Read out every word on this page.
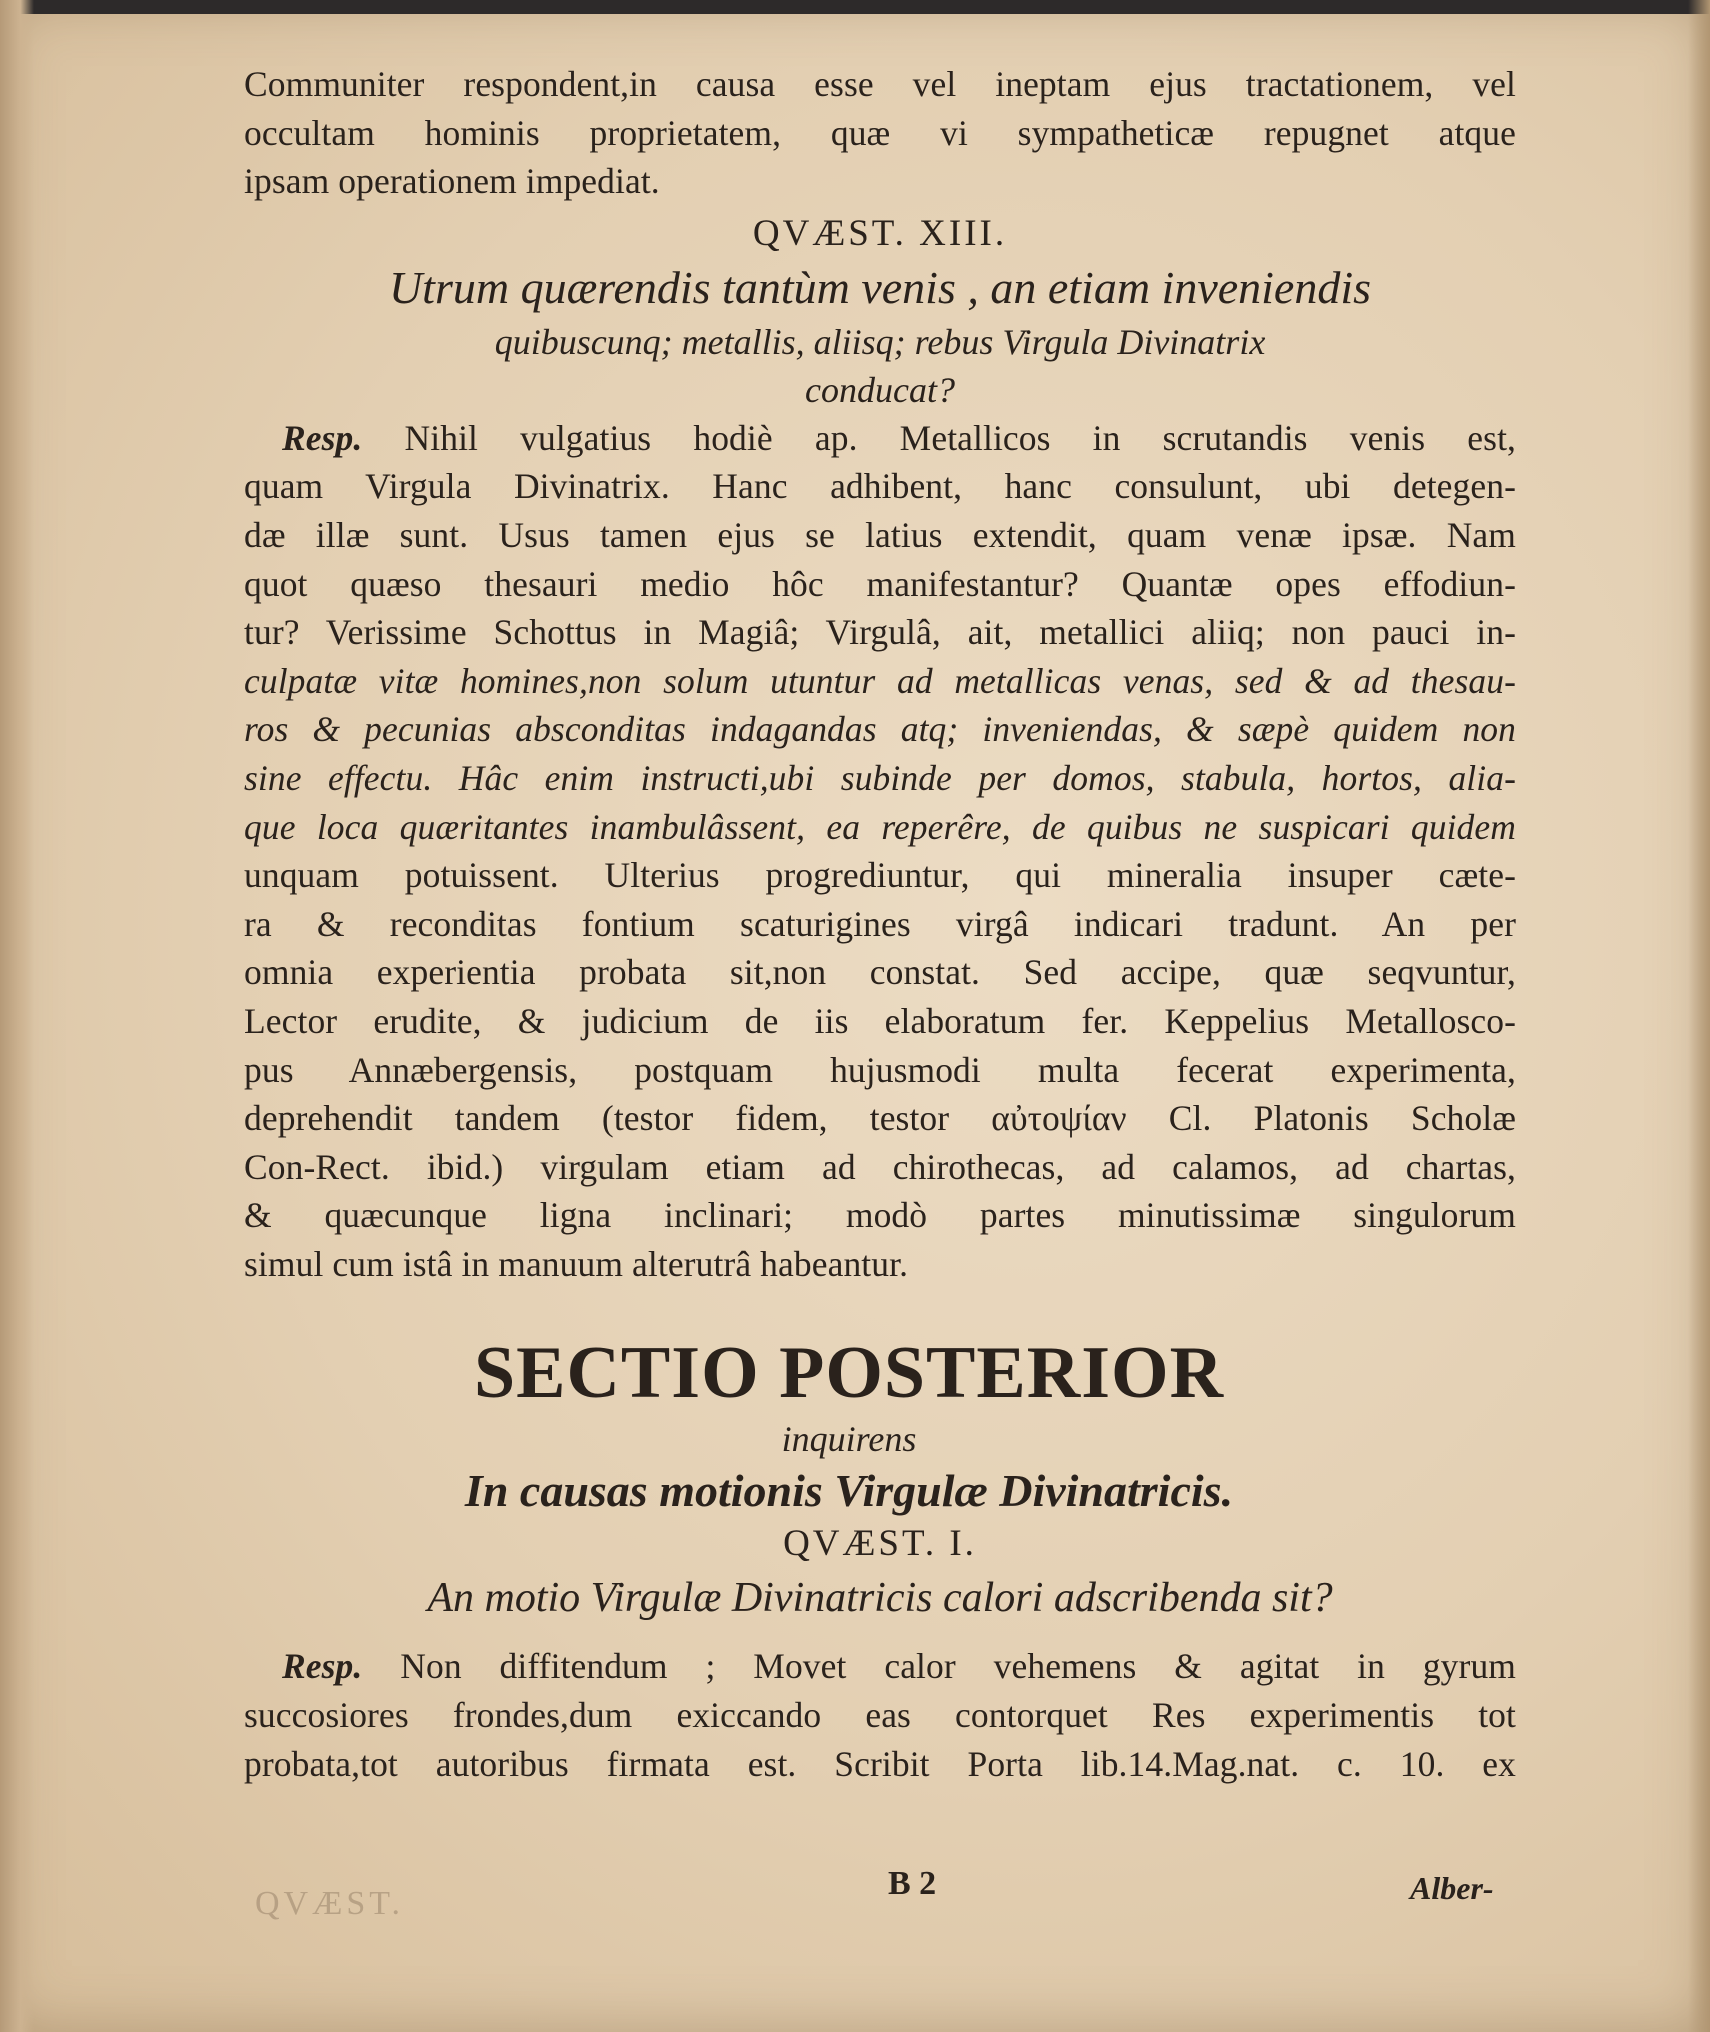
Communiter respondent,in causa esse vel ineptam ejus tractationem, vel
occultam hominis proprietatem, quæ vi sympatheticæ repugnet atque
ipsam operationem impediat.
QVÆST. XIII.
Utrum quærendis tantùm venis , an etiam inveniendis
quibuscunq; metallis, aliisq; rebus Virgula Divinatrix
conducat?
Resp. Nihil vulgatius hodiè ap. Metallicos in scrutandis venis est,
quam Virgula Divinatrix. Hanc adhibent, hanc consulunt, ubi detegen-
dæ illæ sunt. Usus tamen ejus se latius extendit, quam venæ ipsæ. Nam
quot quæso thesauri medio hôc manifestantur? Quantæ opes effodiun-
tur? Verissime Schottus in Magiâ; Virgulâ, ait, metallici aliiq; non pauci in-
culpatæ vitæ homines,non solum utuntur ad metallicas venas, sed & ad thesau-
ros & pecunias absconditas indagandas atq; inveniendas, & sæpè quidem non
sine effectu. Hâc enim instructi,ubi subinde per domos, stabula, hortos, alia-
que loca quæritantes inambulâssent, ea reperêre, de quibus ne suspicari quidem
unquam potuissent. Ulterius progrediuntur, qui mineralia insuper cæte-
ra & reconditas fontium scaturigines virgâ indicari tradunt. An per
omnia experientia probata sit,non constat. Sed accipe, quæ seqvuntur,
Lector erudite, & judicium de iis elaboratum fer. Keppelius Metallosco-
pus Annæbergensis, postquam hujusmodi multa fecerat experimenta,
deprehendit tandem (testor fidem, testor αὐτοψίαν Cl. Platonis Scholæ
Con-Rect. ibid.) virgulam etiam ad chirothecas, ad calamos, ad chartas,
& quæcunque ligna inclinari; modò partes minutissimæ singulorum
simul cum istâ in manuum alterutrâ habeantur.
SECTIO POSTERIOR
inquirens
In causas motionis Virgulæ Divinatricis.
QVÆST. I.
An motio Virgulæ Divinatricis calori adscribenda sit?
Resp. Non diffitendum ; Movet calor vehemens & agitat in gyrum
succosiores frondes,dum exiccando eas contorquet Res experimentis tot
probata,tot autoribus firmata est. Scribit Porta lib.14.Mag.nat. c. 10. ex
B 2	Alber-
QVÆST.
